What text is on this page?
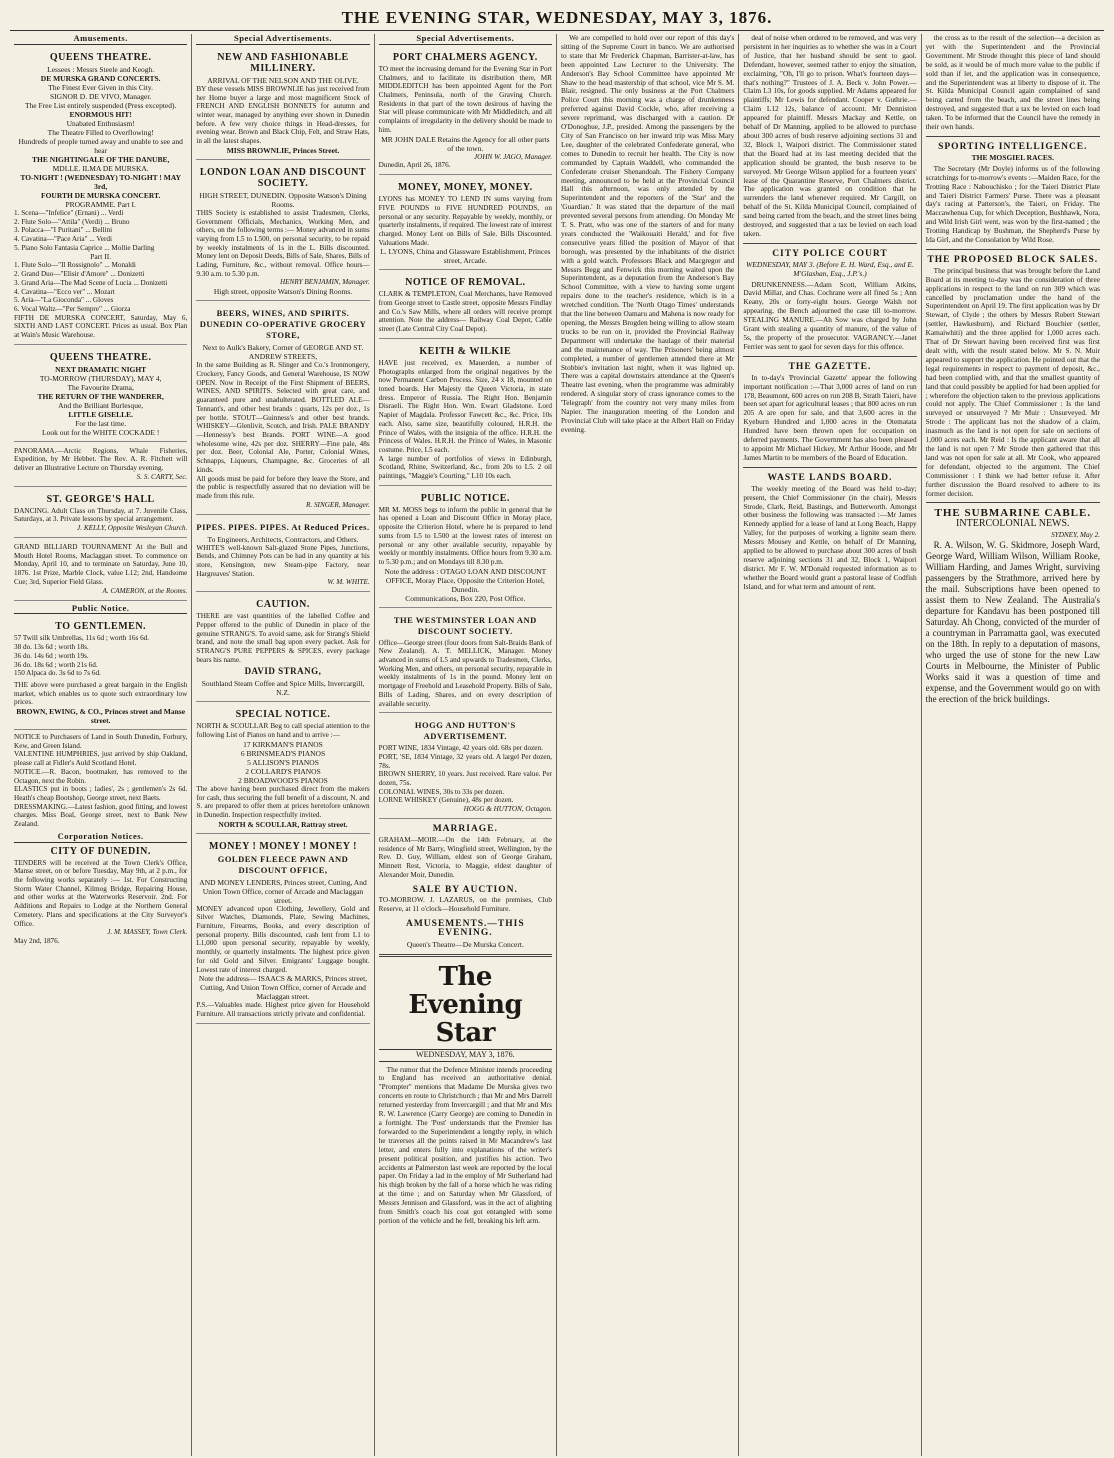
THE EVENING STAR, WEDNESDAY, MAY 3, 1876.
Amusements.
QUEENS THEATRE.
Lessees : Messrs Steele and Keogh.
DE MURSKA GRAND CONCERTS.
The Finest Ever Given in this City.
SIGNOR D. DE VIVO, Manager.
The Free List entirely suspended (Press excepted).
ENORMOUS HIT!
Unabated Enthusiasm!
The Theatre Filled to Overflowing!
Hundreds of people turned away and unable to see and hear
THE NIGHTINGALE OF THE DANUBE,
MDLLE. ILMA DE MURSKA.
TO-NIGHT ! (WEDNESDAY) TO-NIGHT ! MAY 3rd,
FOURTH DE MURSKA CONCERT.
PROGRAMME. Part I.
1. Scena—"Infelice" (Ernani) ... Verdi
2. Flute Solo—"Attila" (Verdi) ... Bruno
3. Polacca—"I Puritani" ... Bellini
4. Cavatina—"Pace Aria" ... Verdi
5. Piano Solo Fantasia Caprice ... Mollie Darling
Part II.
1. Flute Solo—"Il Rossignolo" ... Monaldi
2. Grand Duo—"Elisir d'Amore" ... Donizetti
3. Grand Aria—The Mad Scene of Lucia ... Donizetti
4. Cavatina—"Ecco ver" ... Mozart
5. Aria—"La Gioconda" ... Gloves
6. Vocal Waltz—"Per Sempre" ... Giorza
FIFTH DE MURSKA CONCERT, Saturday, May 6, SIXTH AND LAST CONCERT. Prices as usual. Box Plan at Wain's Music Warehouse.
QUEENS THEATRE.
NEXT DRAMATIC NIGHT
TO-MORROW (THURSDAY), MAY 4,
The Favourite Drama,
THE RETURN OF THE WANDERER,
And the Brilliant Burlesque,
LITTLE GISELLE.
For the last time.
Look out for the WHITE COCKADE !
PANORAMA.—Arctic Regions, Whale Fisheries, Expedition, by Mr Hebbet. The Rev. A. R. Fitchett will deliver an Illustrative Lecture on Thursday evening.
S. S. CARTY, Sec.
ST. GEORGE'S HALL
DANCING. Adult Class on Thursday, at 7. Juvenile Class, Saturdays, at 3. Private lessons by special arrangement.
J. KELLY, Opposite Wesleyan Church.
GRAND BILLIARD TOURNAMENT At the Bull and Mouth Hotel Rooms, Maclaggan street. To commence on Monday, April 10, and to terminate on Saturday, June 10, 1876. 1st Prize, Marble Clock, value L12; 2nd, Handsome Cue; 3rd, Superior Field Glass.
A. CAMERON, at the Rooms.
Public Notice.
TO GENTLEMEN.
57 Twill silk Umbrellas, 11s 6d ; worth 16s 6d.
38 do. 13s 6d ; worth 18s.
36 do. 14s 6d ; worth 19s.
36 do. 18s 6d ; worth 21s 6d.
150 Alpaca do. 3s 6d to 7s 6d.
THE above were purchased a great bargain in the English market, which enables us to quote such extraordinary low prices.
BROWN, EWING, & CO., Princes street and Manse street.
NOTICE to Purchasers of Land in South Dunedin, Forbury, Kew, and Green Island.
VALENTINE HUMPHRIES, just arrived by ship Oakland, please call at Fidler's Auld Scotland Hotel.
NOTICE.—R. Bacon, bootmaker, has removed to the Octagon, next the Robin.
ELASTICS put in boots ; ladies', 2s ; gentlemen's 2s 6d. Heath's cheap Bootshop, George street, next Baets.
DRESSMAKING.—Latest fashion, good fitting, and lowest charges. Miss Boal, George street, next to Bank New Zealand.
Corporation Notices.
CITY OF DUNEDIN.
TENDERS will be received at the Town Clerk's Office, Manse street, on or before Tuesday, May 9th, at 2 p.m., for the following works separately :— 1st. For Constructing Storm Water Channel, Kilmog Bridge, Repairing House, and other works at the Waterworks Reservoir. 2nd. For Additions and Repairs to Lodge at the Northern General Cemetery. Plans and specifications at the City Surveyor's Office.
J. M. MASSEY, Town Clerk.
May 2nd, 1876.
Special Advertisements.
NEW AND FASHIONABLE MILLINERY.
ARRIVAL OF THE NELSON AND THE OLIVE.
BY these vessels MISS BROWNLIE has just received from her Home buyer a large and most magnificent Stock of FRENCH AND ENGLISH BONNETS for autumn and winter wear, managed by anything ever shown in Dunedin before. A few very choice things in Head-dresses, for evening wear. Brown and Black Chip, Felt, and Straw Hats, in all the latest shapes.
MISS BROWNLIE, Princes Street.
LONDON LOAN AND DISCOUNT SOCIETY.
HIGH STREET, DUNEDIN. Opposite Watson's Dining Rooms.
THIS Society is established to assist Tradesmen, Clerks, Government Officials, Mechanics, Working Men, and others, on the following terms :— Money advanced in sums varying from L5 to L500, on personal security, to be repaid by weekly instalments of 1s in the L. Bills discounted. Money lent on Deposit Deeds, Bills of Sale, Shares, Bills of Lading, Furniture, &c., without removal. Office hours—9.30 a.m. to 5.30 p.m.
HENRY BENJAMIN, Manager.
High street, opposite Watson's Dining Rooms.
BEERS, WINES, AND SPIRITS. DUNEDIN CO-OPERATIVE GROCERY STORE,
Next to Aulk's Bakery, Corner of GEORGE AND ST. ANDREW STREETS,
In the same Building as R. Slinger and Co.'s Ironmongery, Crockery, Fancy Goods, and General Warehouse, IS NOW OPEN. Now in Receipt of the First Shipment of BEERS, WINES, AND SPIRITS. Selected with great care, and guaranteed pure and unadulterated. BOTTLED ALE—Tennant's, and other best brands : quarts, 12s per doz., 1s per bottle. STOUT—Guinness's and other best brands. WHISKEY—Glenlivit, Scotch, and Irish. PALE BRANDY—Hennessy's best Brands. PORT WINE—A good wholesome wine, 42s per doz. SHERRY—Fine pale, 48s per doz. Beer, Colonial Ale, Porter, Colonial Wines, Schnapps, Liqueurs, Champagne, &c. Groceries of all kinds.
All goods must be paid for before they leave the Store, and the public is respectfully assured that no deviation will be made from this rule.
R. SINGER, Manager.
PIPES. PIPES. PIPES. At Reduced Prices.
To Engineers, Architects, Contractors, and Others.
WHITE'S well-known Salt-glazed Stone Pipes, Junctions, Bends, and Chimney Pots can be had in any quantity at his store, Kensington, new Steam-pipe Factory, near Hargreaves' Station.
W. M. WHITE.
CAUTION.
THERE are vast quantities of the labelled Coffee and Pepper offered to the public of Dunedin in place of the genuine STRANG'S. To avoid same, ask for Strang's Shield brand, and note the small bag upon every packet. Ask for STRANG'S PURE PEPPERS & SPICES, every package bears his name.
DAVID STRANG,
Southland Steam Coffee and Spice Mills, Invercargill, N.Z.
SPECIAL NOTICE.
NORTH & SCOULLAR Beg to call special attention to the following List of Pianos on hand and to arrive :—
17 KIRKMAN'S PIANOS
6 BRINSMEAD'S PIANOS
5 ALLISON'S PIANOS
2 COLLARD'S PIANOS
2 BROADWOOD'S PIANOS
The above having been purchased direct from the makers for cash, thus securing the full benefit of a discount, N. and S. are prepared to offer them at prices heretofore unknown in Dunedin. Inspection respectfully invited.
NORTH & SCOULLAR, Rattray street.
MONEY ! MONEY ! MONEY !
GOLDEN FLEECE PAWN AND DISCOUNT OFFICE,
AND MONEY LENDERS, Princes street, Cutting, And Union Town Office, corner of Arcade and Maclaggan street.
MONEY advanced upon Clothing, Jewellery, Gold and Silver Watches, Diamonds, Plate, Sewing Machines, Furniture, Firearms, Books, and every description of personal property. Bills discounted, cash lent from L1 to L1,000 upon personal security, repayable by weekly, monthly, or quarterly instalments. The highest price given for old Gold and Silver. Emigrants' Luggage bought. Lowest rate of interest charged.
Note the address— ISAACS & MARKS, Princes street, Cutting, And Union Town Office, corner of Arcade and Maclaggan street.
P.S.—Valuables made. Highest price given for Household Furniture. All transactions strictly private and confidential.
Special Advertisements.
PORT CHALMERS AGENCY.
TO meet the increasing demand for the Evening Star in Port Chalmers, and to facilitate its distribution there, MR MIDDLEDITCH has been appointed Agent for the Port Chalmers, Peninsula, north of the Graving Church. Residents in that part of the town desirous of having the Star will please communicate with Mr Middleditch, and all complaints of irregularity in the delivery should be made to him.
MR JOHN DALE Retains the Agency for all other parts of the town.
JOHN W. JAGO, Manager.
Dunedin, April 26, 1876.
MONEY, MONEY, MONEY.
LYONS has MONEY TO LEND IN sums varying from FIVE POUNDS to FIVE HUNDRED POUNDS, on personal or any security. Repayable by weekly, monthly, or quarterly instalments, if required. The lowest rate of interest charged. Money Lent on Bills of Sale. Bills Discounted. Valuations Made.
L. LYONS, China and Glassware Establishment, Princes street, Arcade.
NOTICE OF REMOVAL.
CLARK & TEMPLETON, Coal Merchants, have Removed from George street to Castle street, opposite Messrs Findlay and Co.'s Saw Mills, where all orders will receive prompt attention. Note the address— Railway Coal Depot, Cable street (Late Central City Coal Depot).
KEITH & WILKIE
HAVE just received, ex Mauerden, a number of Photographs enlarged from the original negatives by the now Permanent Carbon Process. Size, 24 x 18, mounted on toned boards. Her Majesty the Queen Victoria, in state dress. Emperor of Russia. The Right Hon. Benjamin Disraeli. The Right Hon. Wm. Ewart Gladstone. Lord Napier of Magdala. Professor Fawcett &c., &c. Price, 10s each. Also, same size, beautifully coloured, H.R.H. the Prince of Wales, with the insignia of the office. H.R.H. the Princess of Wales. H.R.H. the Prince of Wales, in Masonic costume. Price, L5 each.
A large number of portfolios of views in Edinburgh, Scotland, Rhine, Switzerland, &c., from 20s to L5. 2 oil paintings, "Maggie's Courting," L10 10s each.
PUBLIC NOTICE.
MR M. MOSS begs to inform the public in general that he has opened a Loan and Discount Office in Moray place, opposite the Criterion Hotel, where he is prepared to lend sums from L5 to L500 at the lowest rates of interest on personal or any other available security, repayable by weekly or monthly instalments. Office hours from 9.30 a.m. to 5.30 p.m.; and on Mondays till 8.30 p.m.
Note the address : OTAGO LOAN AND DISCOUNT OFFICE, Moray Place, Opposite the Criterion Hotel, Dunedin.
Communications, Box 220, Post Office.
THE WESTMINSTER LOAN AND DISCOUNT SOCIETY.
Office—George street (four doors from Salt-Braids Bank of New Zealand). A. T. MELLICK, Manager. Money advanced in sums of L5 and upwards to Tradesmen, Clerks, Working Men, and others, on personal security, repayable in weekly instalments of 1s in the pound. Money lent on mortgage of Freehold and Leasehold Property. Bills of Sale, Bills of Lading, Shares, and on every description of available security.
HOGG AND HUTTON'S ADVERTISEMENT.
PORT WINE, 1834 Vintage, 42 years old. 68s per dozen.
PORT, 'SE, 1834 Vintage, 32 years old. A largel Per dozen, 78s.
BROWN SHERRY, 10 years. Just received. Rare value. Per dozen, 75s.
COLONIAL WINES, 30s to 33s per dozen.
LORNE WHISKEY (Genuine), 48s per dozen.
HOGG & HUTTON, Octagon.
MARRIAGE.
GRAHAM—MOIR.—On the 14th February, at the residence of Mr Barry, Wingfield street, Wellington, by the Rev. D. Guy, William, eldest son of George Graham, Minnett Rest, Victoria, to Maggie, eldest daughter of Alexander Moir, Dunedin.
SALE BY AUCTION.
TO-MORROW. J. LAZARUS, on the premises, Club Reserve, at 11 o'clock—Household Furniture.
AMUSEMENTS.—THIS EVENING.
Queen's Theatre—De Murska Concert.
The Evening Star
WEDNESDAY, MAY 3, 1876.
The rumor that the Defence Minister intends proceeding to England has received an authoritative denial. "Prompter" mentions that Madame De Murska gives two concerts en route to Christchurch ; that Mr and Mrs Darrell returned yesterday from Invercargill ; and that Mr and Mrs R. W. Lawrence (Carry George) are coming to Dunedin in a fortnight. The 'Post' understands that the Premier has forwarded to the Superintendent a lengthy reply, in which he traverses all the points raised in Mr Macandrew's last letter, and enters fully into explanations of the writer's present political position, and justifies his action. Two accidents at Palmerston last week are reported by the local paper. On Friday a lad in the employ of Mr Sutherland had his thigh broken by the fall of a horse which he was riding at the time ; and on Saturday when Mr Glassford, of Messrs Jennison and Glassford, was in the act of alighting from Smith's coach his coat got entangled with some portion of the vehicle and he fell, breaking his left arm.
We are compelled to hold over our report of this day's sitting of the Supreme Court in banco. We are authorised to state that Mr Frederick Chapman, Barrister-at-law, has been appointed Law Lecturer to the University. The Anderson's Bay School Committee have appointed Mr Shaw to the head mastership of that school, vice Mr S. M. Blair, resigned. The only business at the Port Chalmers Police Court this morning was a charge of drunkenness preferred against David Cockle, who, after receiving a severe reprimand, was discharged with a caution. Dr O'Donoghue, J.P., presided. Among the passengers by the City of San Francisco on her inward trip was Miss Mary Lee, daughter of the celebrated Confederate general, who comes to Dunedin to recruit her health. The City is now commanded by Captain Waddell, who commanded the Confederate cruiser Shenandoah. The Fishery Company meeting, announced to be held at the Provincial Council Hall this afternoon, was only attended by the Superintendent and the reporters of the 'Star' and the 'Guardian.' It was stated that the departure of the mail prevented several persons from attending. On Monday Mr T. S. Pratt, who was one of the starters of and for many years conducted the 'Waikouaiti Herald,' and for five consecutive years filled the position of Mayor of that borough, was presented by the inhabitants of the district with a gold watch. Professors Black and Macgregor and Messrs Begg and Fenwick this morning waited upon the Superintendent, as a deputation from the Anderson's Bay School Committee, with a view to having some urgent repairs done to the teacher's residence, which is in a wretched condition. The 'North Otago Times' understands that the line between Oamaru and Mahena is now ready for opening, the Messrs Brogden being willing to allow steam trucks to be run on it, provided the Provincial Railway Department will undertake the haulage of their material and the maintenance of way. The Prisoners' being almost completed, a number of gentlemen attended there at Mr Stobbie's invitation last night, when it was lighted up. There was a capital downstairs attendance at the Queen's Theatre last evening, when the programme was admirably rendered. A singular story of crass ignorance comes to the 'Telegraph' from the country not very many miles from Napier. The inauguration meeting of the London and Provincial Club will take place at the Albert Hall on Friday evening.
deal of noise when ordered to be removed, and was very persistent in her inquiries as to whether she was in a Court of Justice, that her husband should be sent to gaol. Defendant, however, seemed rather to enjoy the situation, exclaiming, "Oh, I'll go to prison. What's fourteen days—that's nothing?" Trustees of J. A. Beck v. John Power.—Claim L3 10s, for goods supplied. Mr Adams appeared for plaintiffs; Mr Lewis for defendant. Cooper v. Guthrie.—Claim L12 12s, balance of account. Mr Denniston appeared for plaintiff. Messrs Mackay and Kettle, on behalf of Dr Manning, applied to be allowed to purchase about 300 acres of bush reserve adjoining sections 31 and 32, Block 1, Waipori district. The Commissioner stated that the Board had at its last meeting decided that the application should be granted, the bush reserve to be surveyed. Mr George Wilson applied for a fourteen years' lease of the Quarantine Reserve, Port Chalmers district. The application was granted on condition that he surrenders the land whenever required. Mr Cargill, on behalf of the St. Kilda Municipal Council, complained of sand being carted from the beach, and the street lines being destroyed, and suggested that a tax be levied on each load taken.
CITY POLICE COURT
WEDNESDAY, MAY 3. (Before E. H. Ward, Esq., and E. M'Glashan, Esq., J.P.'s.)
DRUNKENNESS.—Adam Scott, William Atkins, David Millar, and Chas. Cochrane were all fined 5s ; Ann Keany, 20s or forty-eight hours. George Walsh not appearing, the Bench adjourned the case till to-morrow. STEALING MANURE.—Ah Sow was charged by John Grant with stealing a quantity of manure, of the value of 5s, the property of the prosecutor. VAGRANCY.—Janet Ferrier was sent to gaol for seven days for this offence.
THE GAZETTE.
In to-day's 'Provincial Gazette' appear the following important notification :—That 3,000 acres of land on run 178, Beaumont, 600 acres on run 208 B, Strath Taieri, have been set apart for agricultural leases ; that 800 acres on run 205 A are open for sale, and that 3,600 acres in the Kyeburn Hundred and 1,000 acres in the Otematata Hundred have been thrown open for occupation on deferred payments. The Government has also been pleased to appoint Mr Michael Hickey, Mr Arthur Hoode, and Mr James Martin to be members of the Board of Education.
WASTE LANDS BOARD.
The weekly meeting of the Board was held to-day; present, the Chief Commissioner (in the chair), Messrs Strode, Clark, Reid, Bastings, and Butterworth. Amongst other business the following was transacted :—Mr James Kennedy applied for a lease of land at Long Beach, Happy Valley, for the purposes of working a lignite seam there. Messrs Mousey and Kettle, on behalf of Dr Manning, applied to be allowed to purchase about 300 acres of bush reserve adjoining sections 31 and 32, Block 1, Waipori district. Mr F. W. M'Donald requested information as to whether the Board would grant a pastoral lease of Codfish Island, and for what term and amount of rent.
the cross as to the result of the selection—a decision as yet with the Superintendent and the Provincial Government. Mr Strode thought this piece of land should be sold, as it would be of much more value to the public if sold than if let, and the application was in consequence, and the Superintendent was at liberty to dispose of it. The St. Kilda Municipal Council again complained of sand being carted from the beach, and the street lines being destroyed, and suggested that a tax be levied on each load taken. To be informed that the Council have the remedy in their own hands.
SPORTING INTELLIGENCE.
THE MOSGIEL RACES.
The Secretary (Mr Doyle) informs us of the following scratchings for to-morrow's events :—Maiden Race, for the Trotting Race : Nabouchisko ; for the Taieri District Plate and Taieri District Farmers' Purse. There was a pleasant day's racing at Patterson's, the Taieri, on Friday. The Maccawhenua Cup, for which Deception, Bushhawk, Nora, and Wild Irish Girl went, was won by the first-named ; the Trotting Handicap by Bushman, the Shepherd's Purse by Ida Girl, and the Consolation by Wild Rose.
THE PROPOSED BLOCK SALES.
The principal business that was brought before the Land Board at its meeting to-day was the consideration of three applications in respect to the land on run 309 which was cancelled by proclamation under the hand of the Superintendent on April 19. The first application was by Dr Stewart, of Clyde ; the others by Messrs Robert Stewart (settler, Hawkesburn), and Richard Bouchier (settler, Kamaiwhiti) and the three applied for 1,000 acres each. That of Dr Stewart having been received first was first dealt with, with the result stated below. Mr S. N. Muir appeared to support the application. He pointed out that the legal requirements in respect to payment of deposit, &c., had been complied with, and that the smallest quantity of land that could possibly be applied for had been applied for ; wherefore the objection taken to the previous applications could not apply. The Chief Commissioner : Is the land surveyed or unsurveyed ? Mr Muir : Unsurveyed. Mr Strode : The applicant has not the shadow of a claim, inasmuch as the land is not open for sale on sections of 1,000 acres each. Mr Reid : Is the applicant aware that all the land is not open ? Mr Strode then gathered that this land was not open for sale at all. Mr Cook, who appeared for defendant, objected to the argument. The Chief Commissioner : I think we had better refuse it. After further discussion the Board resolved to adhere to its former decision.
THE SUBMARINE CABLE.
INTERCOLONIAL NEWS.
SYDNEY, May 2.
R. A. Wilson, W. G. Skidmore, Joseph Ward, George Ward, William Wilson, William Rooke, William Harding, and James Wright, surviving passengers by the Strathmore, arrived here by the mail. Subscriptions have been opened to assist them to New Zealand. The Australia's departure for Kandavu has been postponed till Saturday. Ah Chong, convicted of the murder of a countryman in Parramatta gaol, was executed on the 18th. In reply to a deputation of masons, who urged the use of stone for the new Law Courts in Melbourne, the Minister of Public Works said it was a question of time and expense, and the Government would go on with the erection of the brick buildings.
